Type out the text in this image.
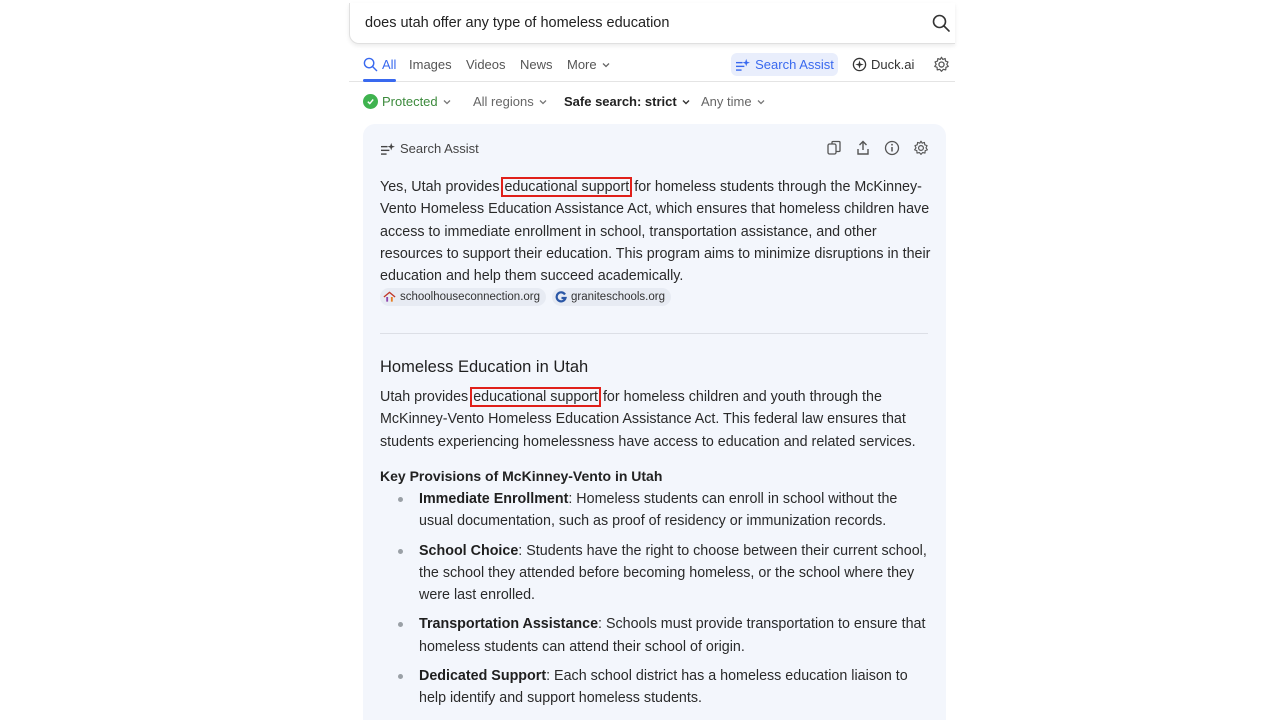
does utah offer any type of homeless education
All Images Videos News More	Search Assist	Duck.ai
Protected	All regions Safe search: strict Any time
Search Assist

Yes, Utah provides educational support for homeless students through the McKinney-Vento Homeless Education Assistance Act, which ensures that homeless children have access to immediate enrollment in school, transportation assistance, and other resources to support their education. This program aims to minimize disruptions in their education and help them succeed academically.

schoolhouseconnection.org	graniteschools.org
Homeless Education in Utah

Utah provides educational support for homeless children and youth through the McKinney-Vento Homeless Education Assistance Act. This federal law ensures that students experiencing homelessness have access to education and related services.

Key Provisions of McKinney-Vento in Utah
Immediate Enrollment: Homeless students can enroll in school without the usual documentation, such as proof of residency or immunization records.
School Choice: Students have the right to choose between their current school, the school they attended before becoming homeless, or the school where they were last enrolled.
Transportation Assistance: Schools must provide transportation to ensure that homeless students can attend their school of origin.
Dedicated Support: Each school district has a homeless education liaison to help identify and support homeless students.
